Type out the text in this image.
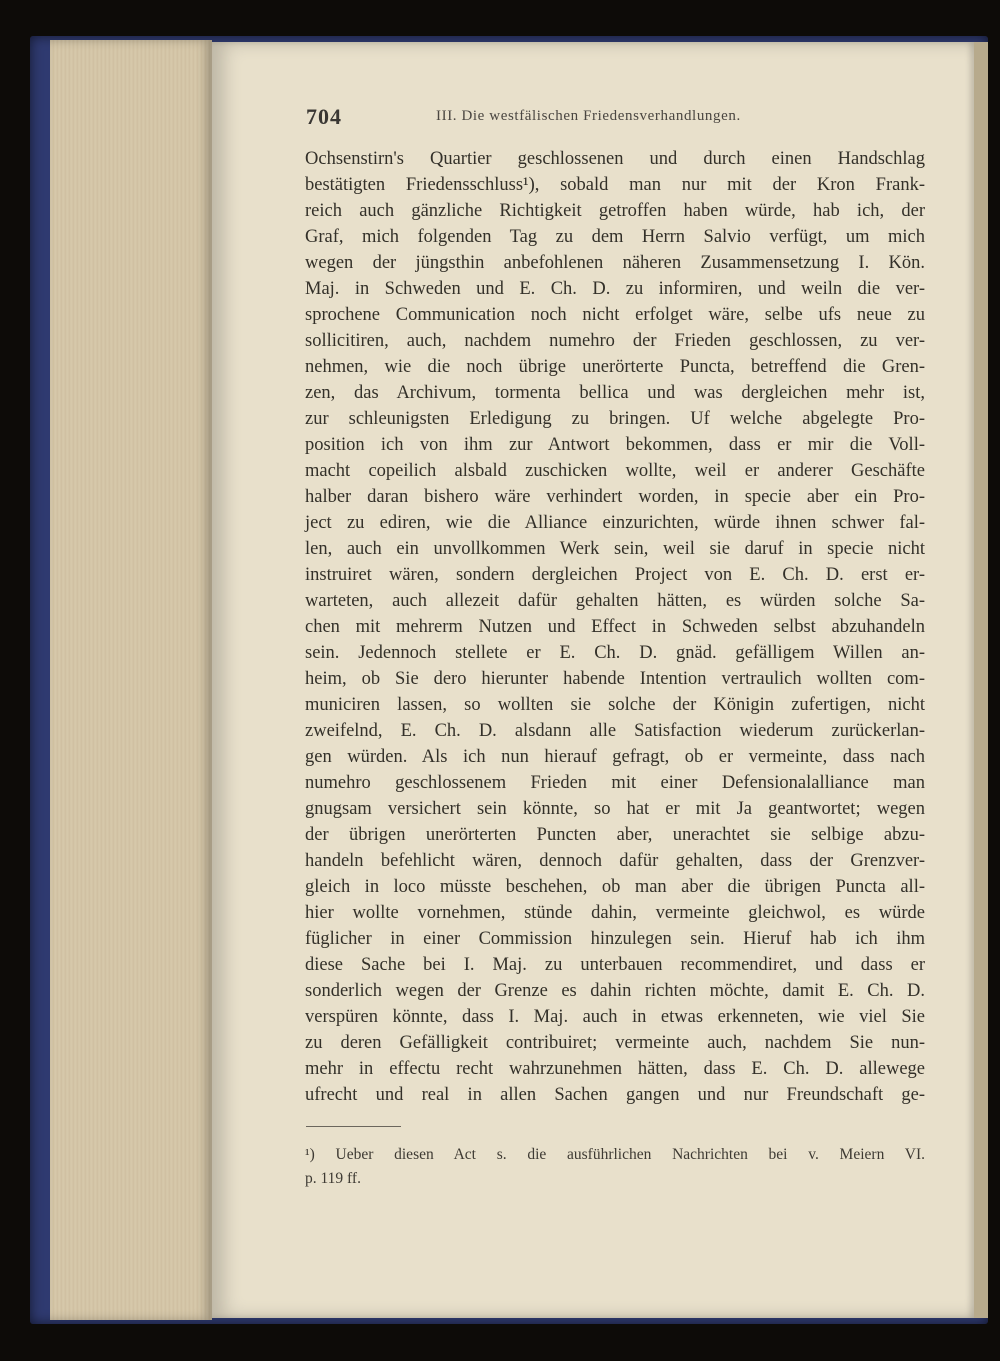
704	III. Die westfälischen Friedensverhandlungen.
Ochsenstirn's Quartier geschlossenen und durch einen Handschlag
bestätigten Friedensschluss¹), sobald man nur mit der Kron Frank-
reich auch gänzliche Richtigkeit getroffen haben würde, hab ich, der
Graf, mich folgenden Tag zu dem Herrn Salvio verfügt, um mich
wegen der jüngsthin anbefohlenen näheren Zusammensetzung I. Kön.
Maj. in Schweden und E. Ch. D. zu informiren, und weiln die ver-
sprochene Communication noch nicht erfolget wäre, selbe ufs neue zu
sollicitiren, auch, nachdem numehro der Frieden geschlossen, zu ver-
nehmen, wie die noch übrige unerörterte Puncta, betreffend die Gren-
zen, das Archivum, tormenta bellica und was dergleichen mehr ist,
zur schleunigsten Erledigung zu bringen. Uf welche abgelegte Pro-
position ich von ihm zur Antwort bekommen, dass er mir die Voll-
macht copeilich alsbald zuschicken wollte, weil er anderer Geschäfte
halber daran bishero wäre verhindert worden, in specie aber ein Pro-
ject zu ediren, wie die Alliance einzurichten, würde ihnen schwer fal-
len, auch ein unvollkommen Werk sein, weil sie daruf in specie nicht
instruiret wären, sondern dergleichen Project von E. Ch. D. erst er-
warteten, auch allezeit dafür gehalten hätten, es würden solche Sa-
chen mit mehrerm Nutzen und Effect in Schweden selbst abzuhandeln
sein. Jedennoch stellete er E. Ch. D. gnäd. gefälligem Willen an-
heim, ob Sie dero hierunter habende Intention vertraulich wollten com-
municiren lassen, so wollten sie solche der Königin zufertigen, nicht
zweifelnd, E. Ch. D. alsdann alle Satisfaction wiederum zurückerlan-
gen würden. Als ich nun hierauf gefragt, ob er vermeinte, dass nach
numehro geschlossenem Frieden mit einer Defensionalalliance man
gnugsam versichert sein könnte, so hat er mit Ja geantwortet; wegen
der übrigen unerörterten Puncten aber, unerachtet sie selbige abzu-
handeln befehlicht wären, dennoch dafür gehalten, dass der Grenzver-
gleich in loco müsste beschehen, ob man aber die übrigen Puncta all-
hier wollte vornehmen, stünde dahin, vermeinte gleichwol, es würde
füglicher in einer Commission hinzulegen sein. Hieruf hab ich ihm
diese Sache bei I. Maj. zu unterbauen recommendiret, und dass er
sonderlich wegen der Grenze es dahin richten möchte, damit E. Ch. D.
verspüren könnte, dass I. Maj. auch in etwas erkenneten, wie viel Sie
zu deren Gefälligkeit contribuiret; vermeinte auch, nachdem Sie nun-
mehr in effectu recht wahrzunehmen hätten, dass E. Ch. D. allewege
ufrecht und real in allen Sachen gangen und nur Freundschaft ge-
¹) Ueber diesen Act s. die ausführlichen Nachrichten bei v. Meiern VI.
p. 119 ff.
